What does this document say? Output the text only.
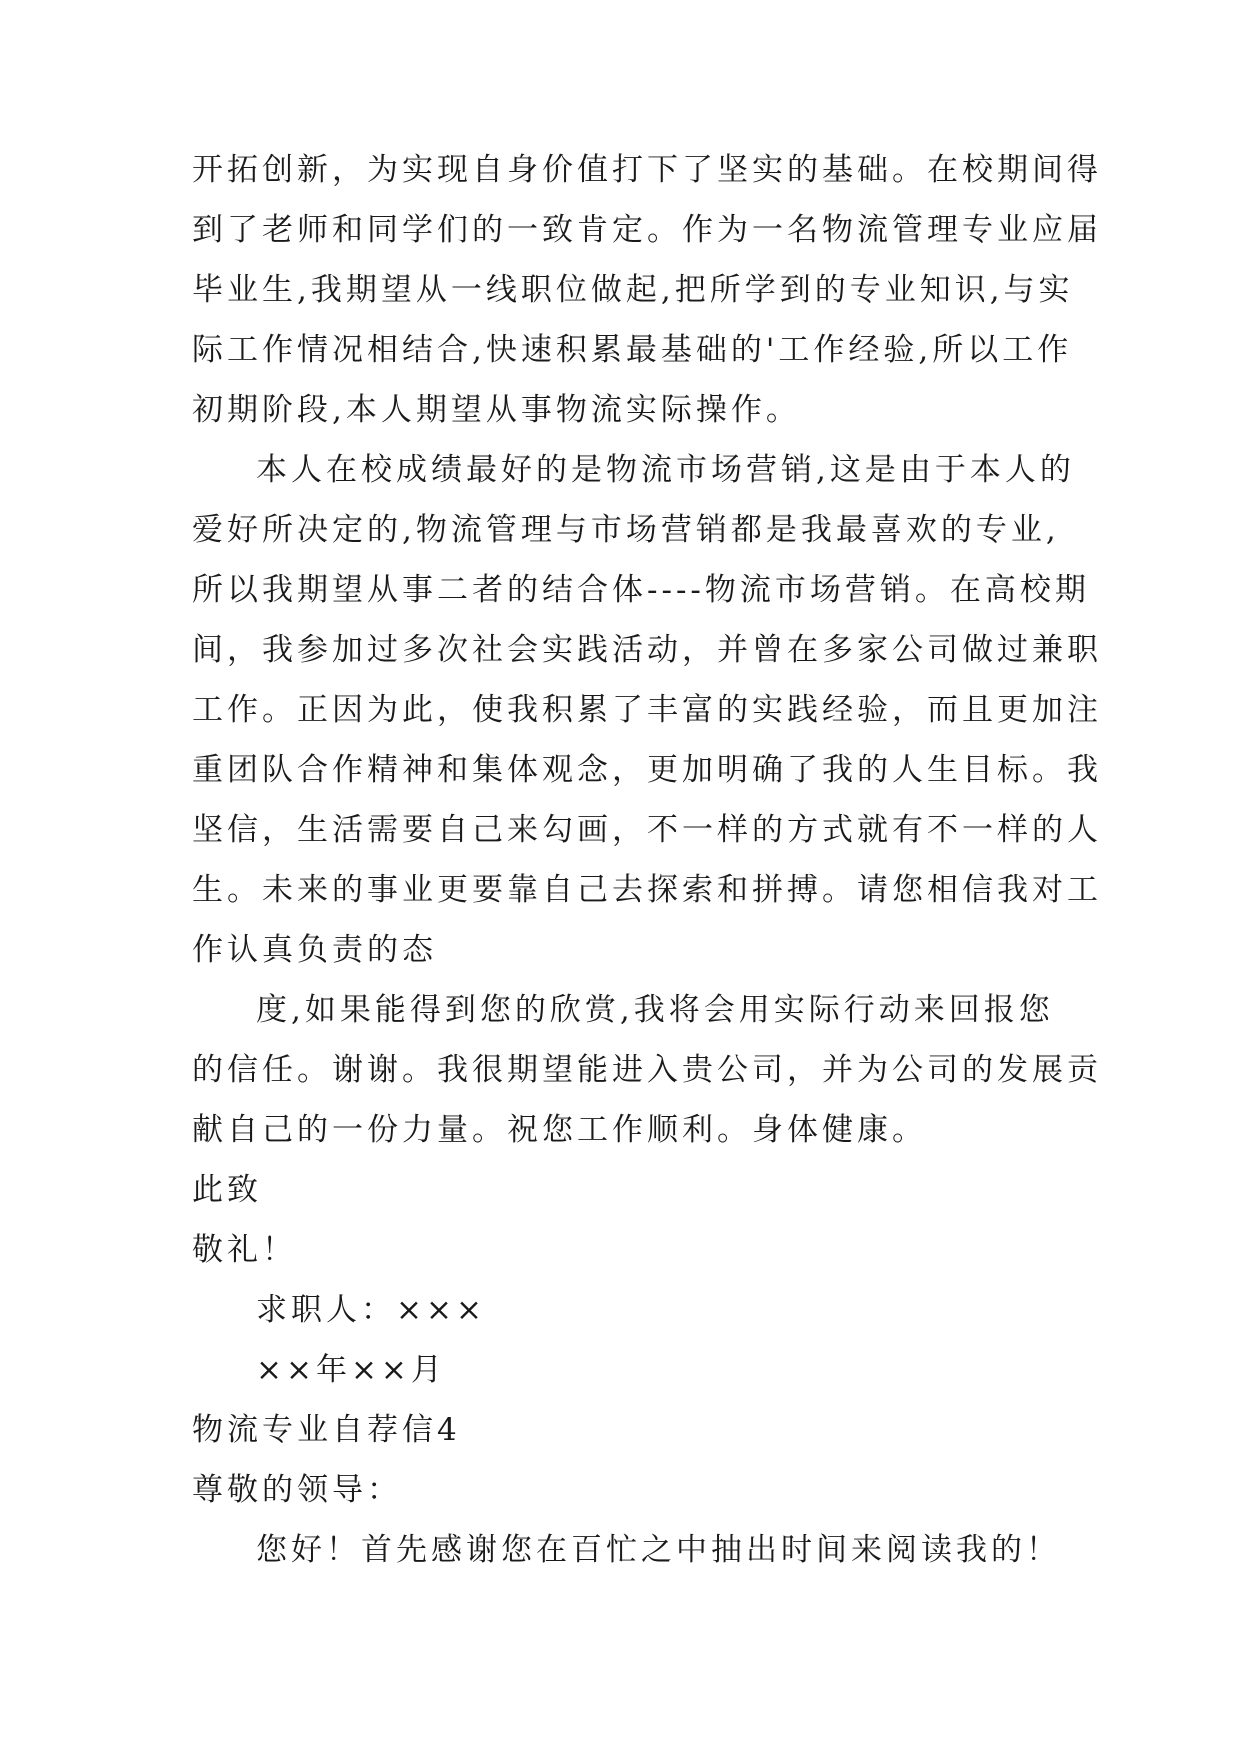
开拓创新，为实现自身价值打下了坚实的基础。在校期间得
到了老师和同学们的一致肯定。作为一名物流管理专业应届
毕业生,我期望从一线职位做起,把所学到的专业知识,与实
际工作情况相结合,快速积累最基础的'工作经验,所以工作
初期阶段,本人期望从事物流实际操作。
本人在校成绩最好的是物流市场营销,这是由于本人的
爱好所决定的,物流管理与市场营销都是我最喜欢的专业,
所以我期望从事二者的结合体----物流市场营销。在高校期
间，我参加过多次社会实践活动，并曾在多家公司做过兼职
工作。正因为此，使我积累了丰富的实践经验，而且更加注
重团队合作精神和集体观念，更加明确了我的人生目标。我
坚信，生活需要自己来勾画，不一样的方式就有不一样的人
生。未来的事业更要靠自己去探索和拼搏。请您相信我对工
作认真负责的态
度,如果能得到您的欣赏,我将会用实际行动来回报您
的信任。谢谢。我很期望能进入贵公司，并为公司的发展贡
献自己的一份力量。祝您工作顺利。身体健康。
此致
敬礼！
求职人：×××
××年××月
物流专业自荐信4
尊敬的领导：
您好！首先感谢您在百忙之中抽出时间来阅读我的！
